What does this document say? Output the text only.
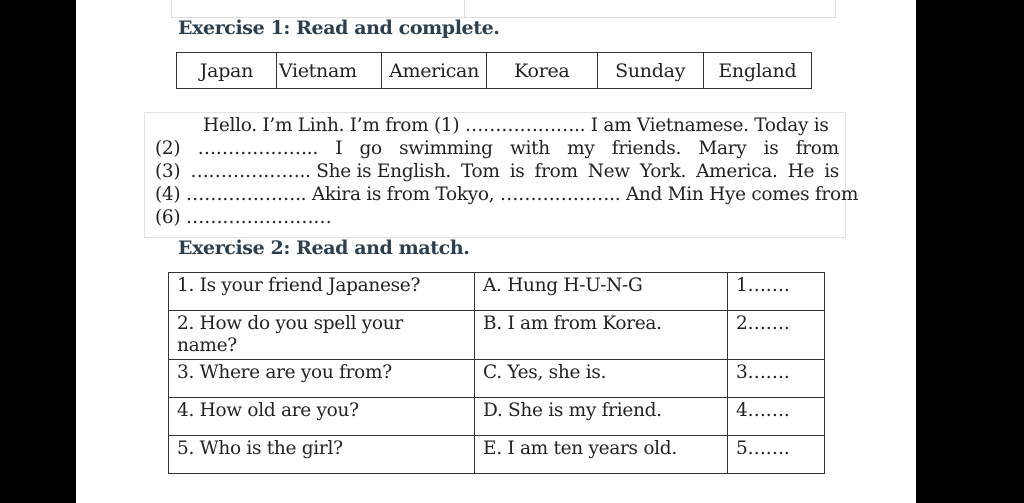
Exercise 1: Read and complete.
Japan	Vietnam	American	Korea	Sunday	England
Hello. I’m Linh. I’m from (1) ……………….. I am Vietnamese. Today is
(2) ……………….. I go swimming with my friends. Mary is from
(3) ……………….. She is English. Tom is from New York. America. He is
(4) ……………….. Akira is from Tokyo, ……………….. And Min Hye comes from
(6) ……………………
Exercise 2: Read and match.
1. Is your friend Japanese?	A. Hung H-U-N-G	1…….
2. How do you spell your name?	B. I am from Korea.	2…….
3. Where are you from?	C. Yes, she is.	3…….
4. How old are you?	D. She is my friend.	4…….
5. Who is the girl?	E. I am ten years old.	5…….
